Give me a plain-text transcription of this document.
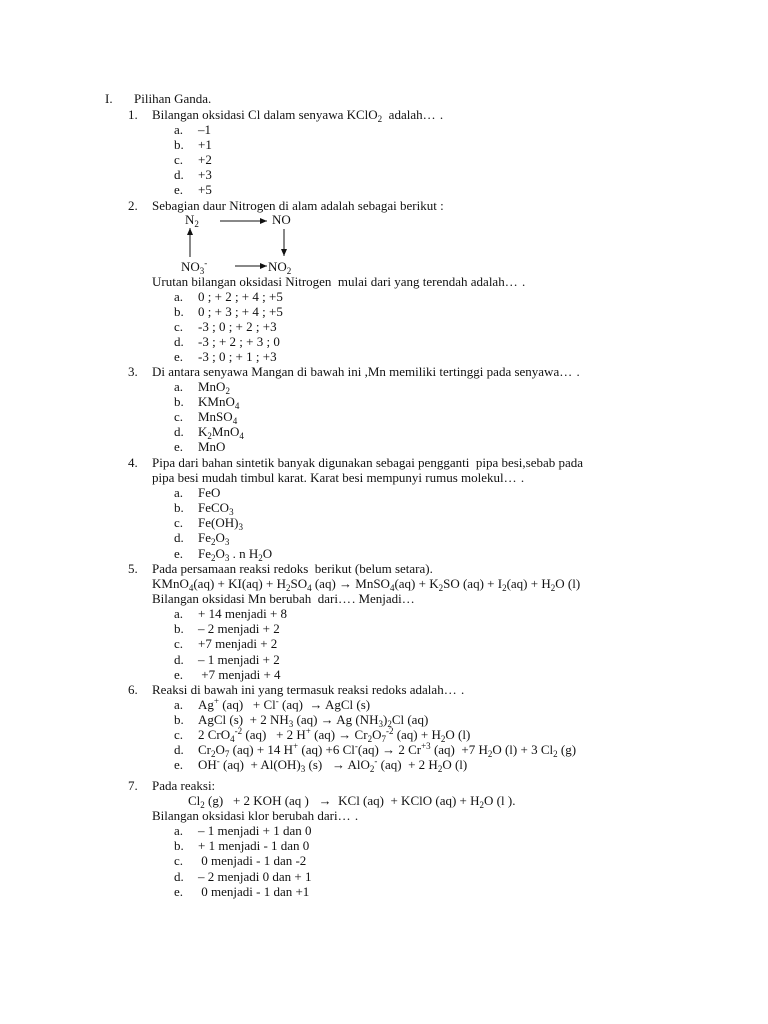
I. Pilihan Ganda.
1. Bilangan oksidasi Cl dalam senyawa KClO$_2$  adalah… .
a. –1
b. +1
c. +2
d. +3
e. +5
2. Sebagian daur Nitrogen di alam adalah sebagai berikut :
$N_2$	NO
$NO_3^-$	$NO_2$
Urutan bilangan oksidasi Nitrogen  mulai dari yang terendah adalah… .
a. 0 ; + 2 ; + 4 ; +5
b. 0 ; + 3 ; + 4 ; +5
c. -3 ; 0 ; + 2 ; +3
d. -3 ; + 2 ; + 3 ; 0
e. -3 ; 0 ; + 1 ; +3
3. Di antara senyawa Mangan di bawah ini ,Mn memiliki tertinggi pada senyawa… .
a. MnO$_2$
b. KMnO$_4$
c. MnSO$_4$
d. $K_2MnO_4$
e. MnO
4. Pipa dari bahan sintetik banyak digunakan sebagai pengganti  pipa besi,sebab pada
pipa besi mudah timbul karat. Karat besi mempunyi rumus molekul… .
a. FeO
b. FeCO$_3$
c. $Fe(OH)_3$
d. $Fe_2O_3$
e. $Fe_2O_3$ . n $H_2O$
5. Pada persamaan reaksi redoks  berikut (belum setara).
KMnO$_4$(aq) + $KI(aq) + H_2SO_4$ (aq) → MnSO$_4$(aq) + $K_2SO$ $(aq) + I_2(aq) + H_2O$ (l)
Bilangan oksidasi Mn berubah  dari…. Menjadi…
a. + 14 menjadi + 8
b. – 2 menjadi + 2
c. +7 menjadi + 2
d. – 1 menjadi + 2
e. +7 menjadi + 4
6. Reaksi di bawah ini yang termasuk reaksi redoks adalah… .
a. Ag+ (aq)   + Cl- (aq)  → AgCl (s)
b. AgCl (s)  + 2 $NH_3$ (aq) → Ag $(NH_3)_2Cl$ (aq)
c. 2 CrO$_4^{-2}$ (aq)   + 2 H+ $(aq) \to Cr_2O_7^{-2}$ $(aq) + H_2O$ (l)
d. $Cr_2O_7$ (aq) + 14 H+ (aq) +6 Cl-(aq) → 2 $Cr^{+3}$ (aq)  +7 $H_2O$ (l) + 3 $Cl_2$ (g)
e. OH- $(aq) + Al(OH)_3$ (s)   → AlO$_2$- (aq)  + 2 $H_2O$ (l)
7. Pada reaksi:
$Cl_2$ (g)   + 2 KOH (aq )   →  KCl (aq)  + KClO $(aq) + H_2O$ (l ).
Bilangan oksidasi klor berubah dari… .
a. – 1 menjadi + 1 dan 0
b. + 1 menjadi - 1 dan 0
c. 0 menjadi - 1 dan -2
d. – 2 menjadi 0 dan + 1
e. 0 menjadi - 1 dan +1
